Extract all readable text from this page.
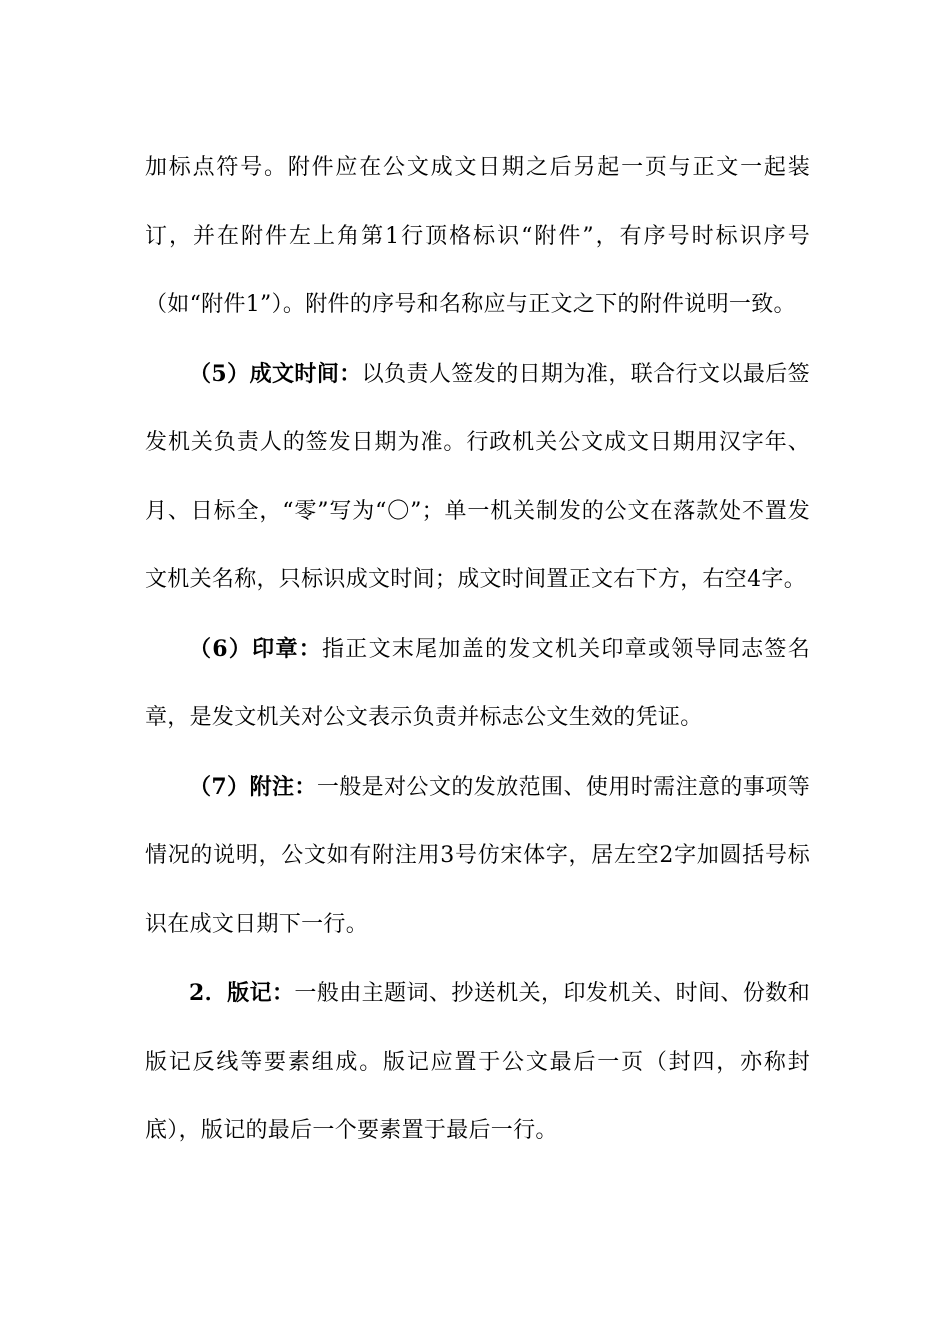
加标点符号。附件应在公文成文日期之后另起一页与正文一起装订，并在附件左上角第1行顶格标识“附件”，有序号时标识序号（如“附件1”）。附件的序号和名称应与正文之下的附件说明一致。

（5）成文时间：以负责人签发的日期为准，联合行文以最后签发机关负责人的签发日期为准。行政机关公文成文日期用汉字年、月、日标全，“零”写为“〇”；单一机关制发的公文在落款处不置发文机关名称，只标识成文时间；成文时间置正文右下方，右空4字。

（6）印章：指正文末尾加盖的发文机关印章或领导同志签名章，是发文机关对公文表示负责并标志公文生效的凭证。

（7）附注：一般是对公文的发放范围、使用时需注意的事项等情况的说明，公文如有附注用3号仿宋体字，居左空2字加圆括号标识在成文日期下一行。

2．版记：一般由主题词、抄送机关，印发机关、时间、份数和版记反线等要素组成。版记应置于公文最后一页（封四，亦称封底），版记的最后一个要素置于最后一行。
